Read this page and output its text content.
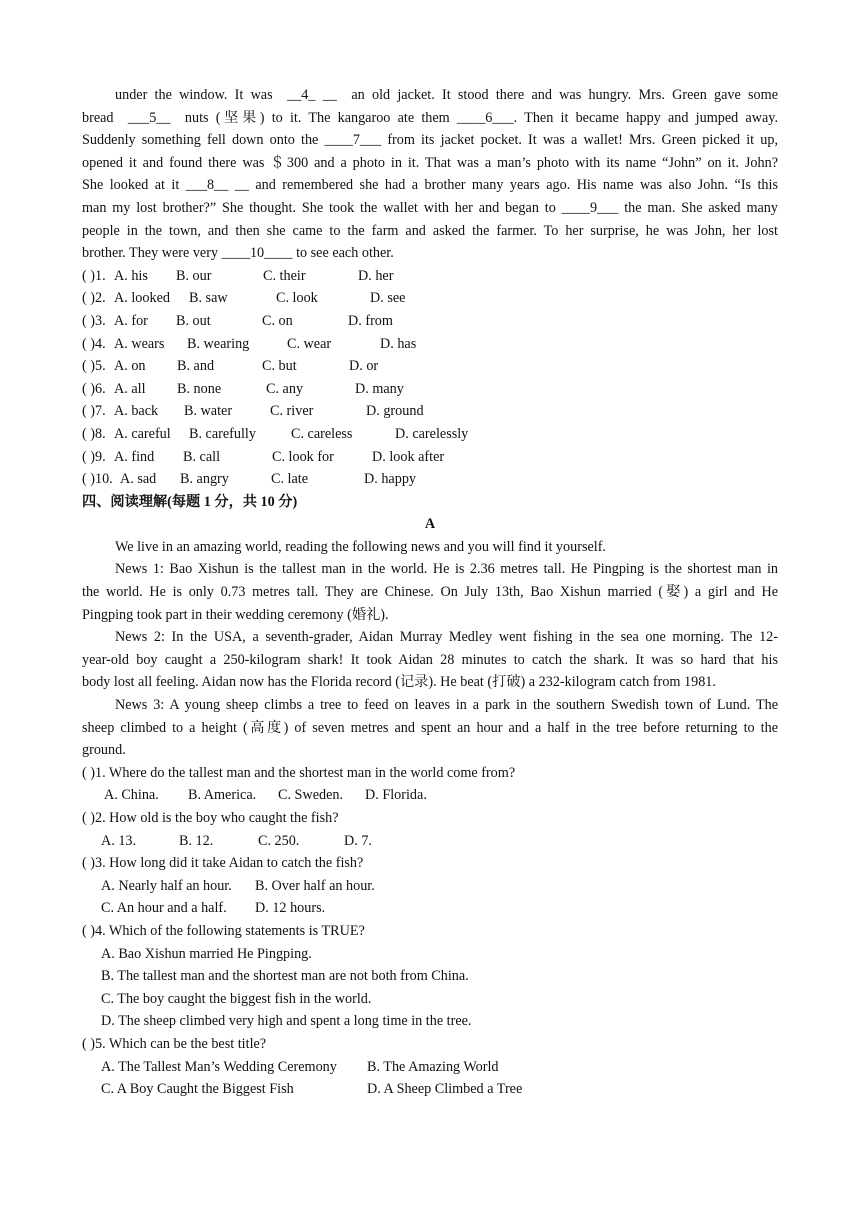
under the window. It was  __4_ __  an old jacket. It stood there and was hungry. Mrs. Green gave some
bread  ___5__  nuts (坚果) to it. The kangaroo ate them ____6___. Then it became happy and jumped away.
Suddenly something fell down onto the ____7___ from its jacket pocket. It was a wallet! Mrs. Green picked it up,
opened it and found there was ＄300 and a photo in it. That was a man’s photo with its name “John” on it. John?
She looked at it ___8__ __ and remembered she had a brother many years ago. His name was also John. “Is this
man my lost brother?” She thought. She took the wallet with her and began to ____9___ the man. She asked many
people in the town, and then she came to the farm and asked the farmer. To her surprise, he was John, her lost
brother. They were very ____10____ to see each other.
( )1. A. his B. our	C. their	D. her
( )2. A. looked B. saw	C. look	D. see
( )3. A. for B. out	C. on	D. from
( )4. A. wears B. wearing	C. wear	D. has
( )5. A. on B. and	C. but	D. or
( )6. A. all B. none	C. any	D. many
( )7. A. back B. water	C. river	D. ground
( )8. A. careful B. carefully C. careless	D. carelessly
( )9. A. find B. call	C. look for	D. look after
( )10. A. sad B. angry	C. late	D. happy
四、阅读理解(每题 1 分，共 10 分)
A
We live in an amazing world, reading the following news and you will find it yourself.
News 1: Bao Xishun is the tallest man in the world. He is 2.36 metres tall. He Pingping is the shortest man in
the world. He is only 0.73 metres tall. They are Chinese. On July 13th, Bao Xishun married (娶) a girl and He
Pingping took part in their wedding ceremony (婚礼).
News 2: In the USA, a seventh-grader, Aidan Murray Medley went fishing in the sea one morning. The 12-
year-old boy caught a 250-kilogram shark! It took Aidan 28 minutes to catch the shark. It was so hard that his
body lost all feeling. Aidan now has the Florida record (记录). He beat (打破) a 232-kilogram catch from 1981.
News 3: A young sheep climbs a tree to feed on leaves in a park in the southern Swedish town of Lund. The
sheep climbed to a height (高度) of seven metres and spent an hour and a half in the tree before returning to the
ground.
( )1. Where do the tallest man and the shortest man in the world come from?
A. China. B. America. C. Sweden. D. Florida.
( )2. How old is the boy who caught the fish?
A. 13.	B. 12.	C. 250.	D. 7.
( )3. How long did it take Aidan to catch the fish?
A. Nearly half an hour. B. Over half an hour.
C. An hour and a half. D. 12 hours.
( )4. Which of the following statements is TRUE?
A. Bao Xishun married He Pingping.
B. The tallest man and the shortest man are not both from China.
C. The boy caught the biggest fish in the world.
D. The sheep climbed very high and spent a long time in the tree.
( )5. Which can be the best title?
A. The Tallest Man’s Wedding Ceremony B. The Amazing World
C. A Boy Caught the Biggest Fish	D. A Sheep Climbed a Tree
